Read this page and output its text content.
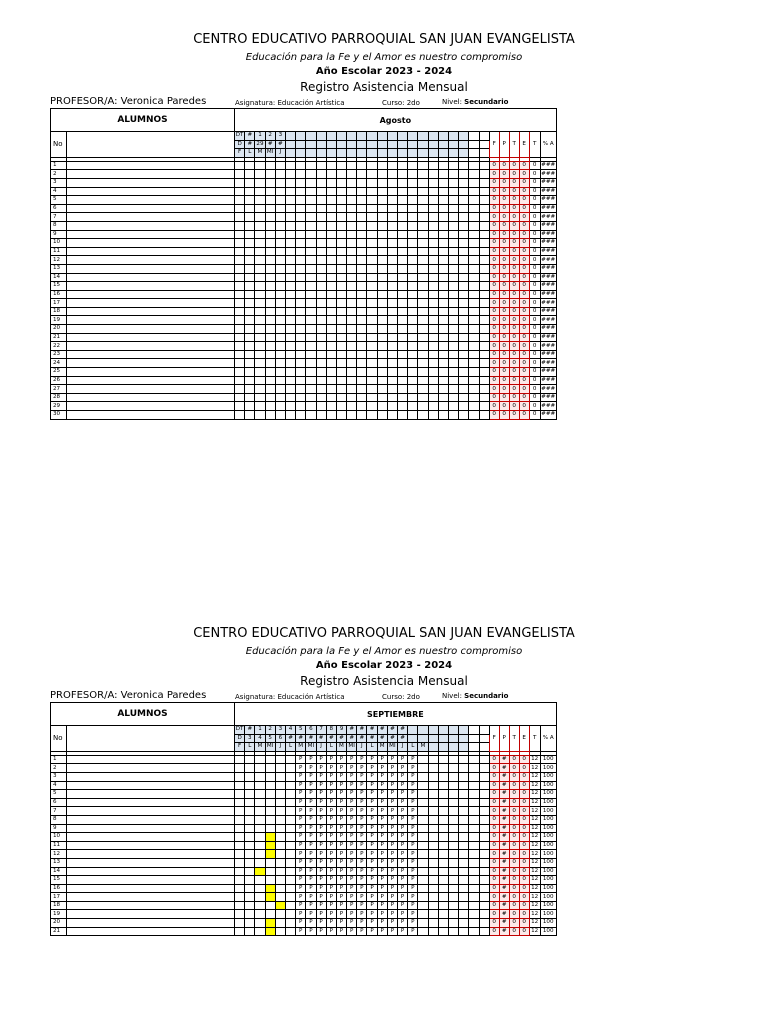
CENTRO EDUCATIVO PARROQUIAL SAN JUAN EVANGELISTA
Educación para la Fe y el Amor es nuestro compromiso
Año Escolar 2023 - 2024
Registro Asistencia Mensual
PROFESOR/A: Veronica Paredes	Asignatura: Educación Artística	Curso: 2do	Nivel: Secundario
ALUMNOS		Agosto																														

No		DT	#	1	2	3																					F	P	T	E	T	% A
		D	#	29	#	#																										
		F	L	M	MI	J																										

1																											0	0	0	0	0	###
2																											0	0	0	0	0	###
3																											0	0	0	0	0	###
4																											0	0	0	0	0	###
5																											0	0	0	0	0	###
6																											0	0	0	0	0	###
7																											0	0	0	0	0	###
8																											0	0	0	0	0	###
9																											0	0	0	0	0	###
10																											0	0	0	0	0	###
11																											0	0	0	0	0	###
12																											0	0	0	0	0	###
13																											0	0	0	0	0	###
14																											0	0	0	0	0	###
15																											0	0	0	0	0	###
16																											0	0	0	0	0	###
17																											0	0	0	0	0	###
18																											0	0	0	0	0	###
19																											0	0	0	0	0	###
20																											0	0	0	0	0	###
21																											0	0	0	0	0	###
22																											0	0	0	0	0	###
23																											0	0	0	0	0	###
24																											0	0	0	0	0	###
25																											0	0	0	0	0	###
26																											0	0	0	0	0	###
27																											0	0	0	0	0	###
28																											0	0	0	0	0	###
29																											0	0	0	0	0	###
30																											0	0	0	0	0	###
CENTRO EDUCATIVO PARROQUIAL SAN JUAN EVANGELISTA
Educación para la Fe y el Amor es nuestro compromiso
Año Escolar 2023 - 2024
Registro Asistencia Mensual
PROFESOR/A: Veronica Paredes	Asignatura: Educación Artística	Curso: 2do	Nivel: Secundario
ALUMNOS		SEPTIEMBRE																														

No		DT	#	1	2	3	4	5	6	7	8	9	#	#	#	#	#	#									F	P	T	E	T	% A
		D	3	4	5	6	#	#	#	#	#	#	#	#	#	#	#	#														
		F	L	M	MI	J	L	M	MI	J	L	M	MI	J	L	M	MI	J	L	M												

1								P	P	P	P	P	P	P	P	P	P	P	P								0	#	0	0	12	100
2								P	P	P	P	P	P	P	P	P	P	P	P								0	#	0	0	12	100
3								P	P	P	P	P	P	P	P	P	P	P	P								0	#	0	0	12	100
4								P	P	P	P	P	P	P	P	P	P	P	P								0	#	0	0	12	100
5								P	P	P	P	P	P	P	P	P	P	P	P								0	#	0	0	12	100
6								P	P	P	P	P	P	P	P	P	P	P	P								0	#	0	0	12	100
7								P	P	P	P	P	P	P	P	P	P	P	P								0	#	0	0	12	100
8								P	P	P	P	P	P	P	P	P	P	P	P								0	#	0	0	12	100
9								P	P	P	P	P	P	P	P	P	P	P	P								0	#	0	0	12	100
10								P	P	P	P	P	P	P	P	P	P	P	P								0	#	0	0	12	100
11								P	P	P	P	P	P	P	P	P	P	P	P								0	#	0	0	12	100
12								P	P	P	P	P	P	P	P	P	P	P	P								0	#	0	0	12	100
13								P	P	P	P	P	P	P	P	P	P	P	P								0	#	0	0	12	100
14								P	P	P	P	P	P	P	P	P	P	P	P								0	#	0	0	12	100
15								P	P	P	P	P	P	P	P	P	P	P	P								0	#	0	0	12	100
16								P	P	P	P	P	P	P	P	P	P	P	P								0	#	0	0	12	100
17								P	P	P	P	P	P	P	P	P	P	P	P								0	#	0	0	12	100
18								P	P	P	P	P	P	P	P	P	P	P	P								0	#	0	0	12	100
19								P	P	P	P	P	P	P	P	P	P	P	P								0	#	0	0	12	100
20								P	P	P	P	P	P	P	P	P	P	P	P								0	#	0	0	12	100
21								P	P	P	P	P	P	P	P	P	P	P	P								0	#	0	0	12	100
